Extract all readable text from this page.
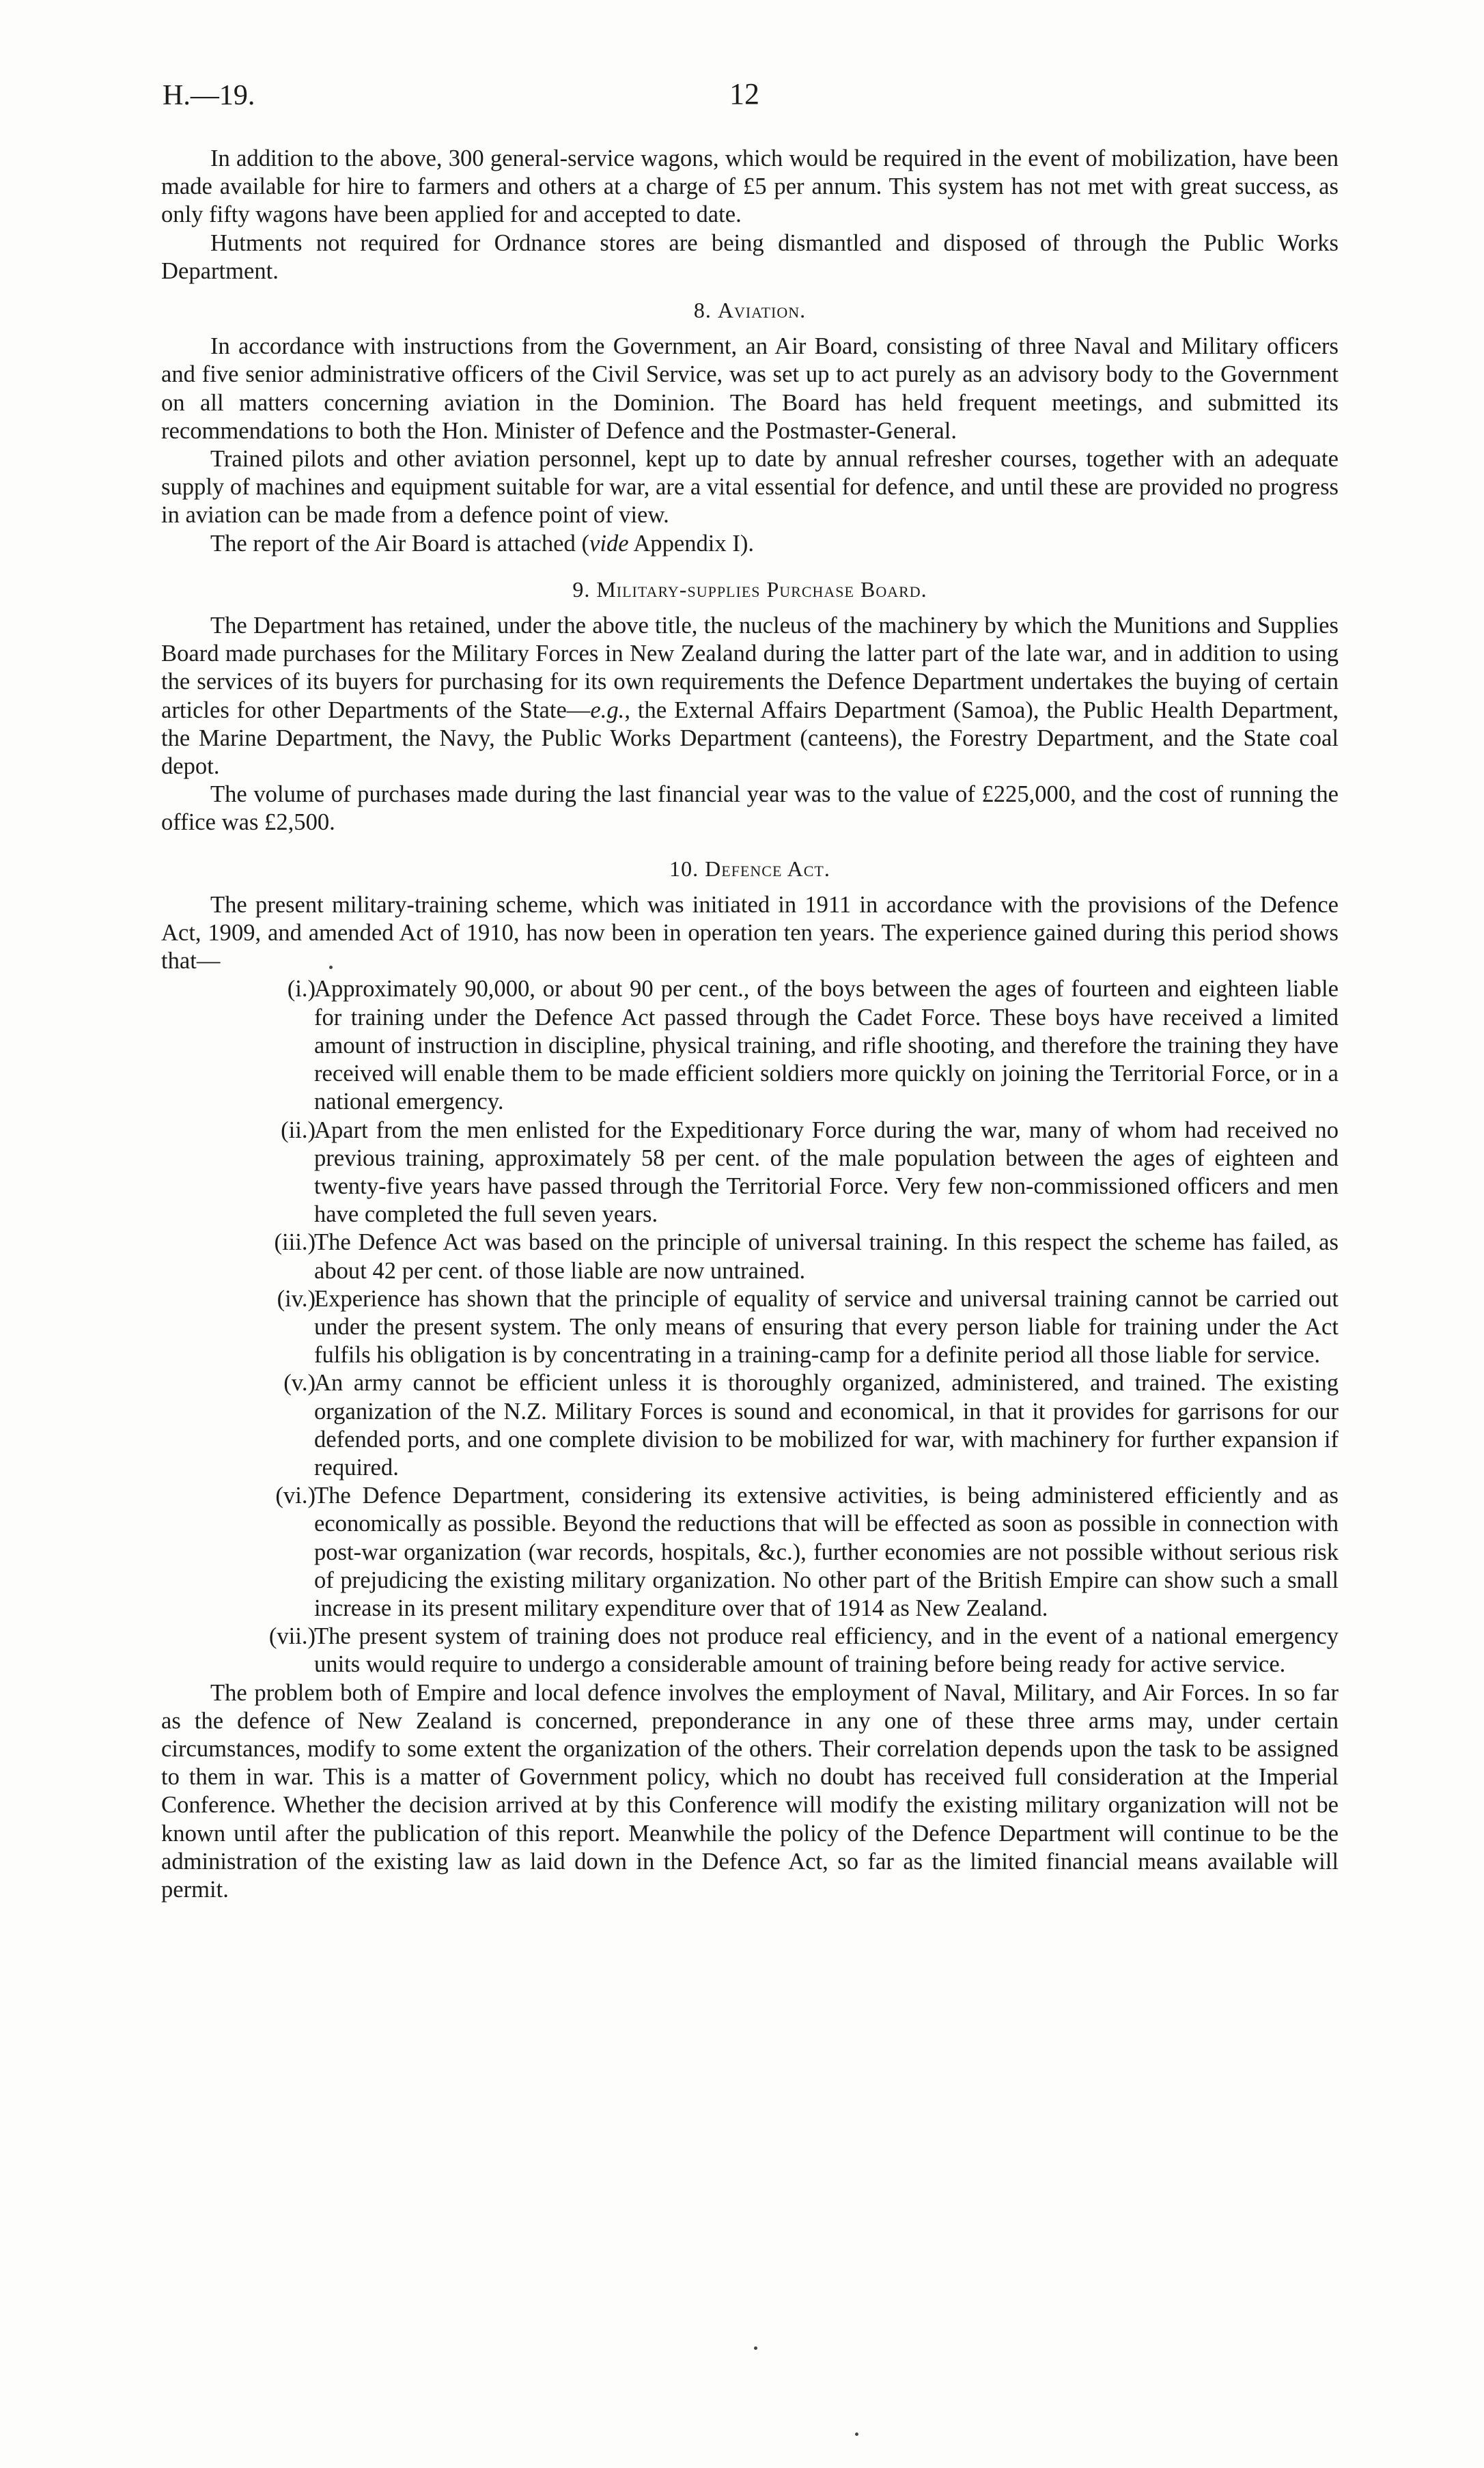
H.—19.	12

In addition to the above, 300 general-service wagons, which would be required in the event of mobilization, have been made available for hire to farmers and others at a charge of £5 per annum. This system has not met with great success, as only fifty wagons have been applied for and accepted to date.

Hutments not required for Ordnance stores are being dismantled and disposed of through the Public Works Department.

8. Aviation.

In accordance with instructions from the Government, an Air Board, consisting of three Naval and Military officers and five senior administrative officers of the Civil Service, was set up to act purely as an advisory body to the Government on all matters concerning aviation in the Dominion. The Board has held frequent meetings, and submitted its recommendations to both the Hon. Minister of Defence and the Postmaster-General.

Trained pilots and other aviation personnel, kept up to date by annual refresher courses, together with an adequate supply of machines and equipment suitable for war, are a vital essential for defence, and until these are provided no progress in aviation can be made from a defence point of view.

The report of the Air Board is attached (vide Appendix I).

9. Military-supplies Purchase Board.

The Department has retained, under the above title, the nucleus of the machinery by which the Munitions and Supplies Board made purchases for the Military Forces in New Zealand during the latter part of the late war, and in addition to using the services of its buyers for purchasing for its own requirements the Defence Department undertakes the buying of certain articles for other Departments of the State—e.g., the External Affairs Department (Samoa), the Public Health Department, the Marine Department, the Navy, the Public Works Department (canteens), the Forestry Department, and the State coal depot.

The volume of purchases made during the last financial year was to the value of £225,000, and the cost of running the office was £2,500.

10. Defence Act.

The present military-training scheme, which was initiated in 1911 in accordance with the provisions of the Defence Act, 1909, and amended Act of 1910, has now been in operation ten years. The experience gained during this period shows that—

(i.)
Approximately 90,000, or about 90 per cent., of the boys between the ages of fourteen and eighteen liable for training under the Defence Act passed through the Cadet Force. These boys have received a limited amount of instruction in discipline, physical training, and rifle shooting, and therefore the training they have received will enable them to be made efficient soldiers more quickly on joining the Territorial Force, or in a national emergency.
(ii.)
Apart from the men enlisted for the Expeditionary Force during the war, many of whom had received no previous training, approximately 58 per cent. of the male population between the ages of eighteen and twenty-five years have passed through the Territorial Force. Very few non-commissioned officers and men have completed the full seven years.
(iii.)
The Defence Act was based on the principle of universal training. In this respect the scheme has failed, as about 42 per cent. of those liable are now untrained.
(iv.)
Experience has shown that the principle of equality of service and universal training cannot be carried out under the present system. The only means of ensuring that every person liable for training under the Act fulfils his obligation is by concentrating in a training-camp for a definite period all those liable for service.
(v.)
An army cannot be efficient unless it is thoroughly organized, administered, and trained. The existing organization of the N.Z. Military Forces is sound and economical, in that it provides for garrisons for our defended ports, and one complete division to be mobilized for war, with machinery for further expansion if required.
(vi.)
The Defence Department, considering its extensive activities, is being administered efficiently and as economically as possible. Beyond the reductions that will be effected as soon as possible in connection with post-war organization (war records, hospitals, &c.), further economies are not possible without serious risk of prejudicing the existing military organization. No other part of the British Empire can show such a small increase in its present military expenditure over that of 1914 as New Zealand.
(vii.)
The present system of training does not produce real efficiency, and in the event of a national emergency units would require to undergo a considerable amount of training before being ready for active service.

The problem both of Empire and local defence involves the employment of Naval, Military, and Air Forces. In so far as the defence of New Zealand is concerned, preponderance in any one of these three arms may, under certain circumstances, modify to some extent the organization of the others. Their correlation depends upon the task to be assigned to them in war. This is a matter of Government policy, which no doubt has received full consideration at the Imperial Conference. Whether the decision arrived at by this Conference will modify the existing military organization will not be known until after the publication of this report. Meanwhile the policy of the Defence Department will continue to be the administration of the existing law as laid down in the Defence Act, so far as the limited financial means available will permit.
